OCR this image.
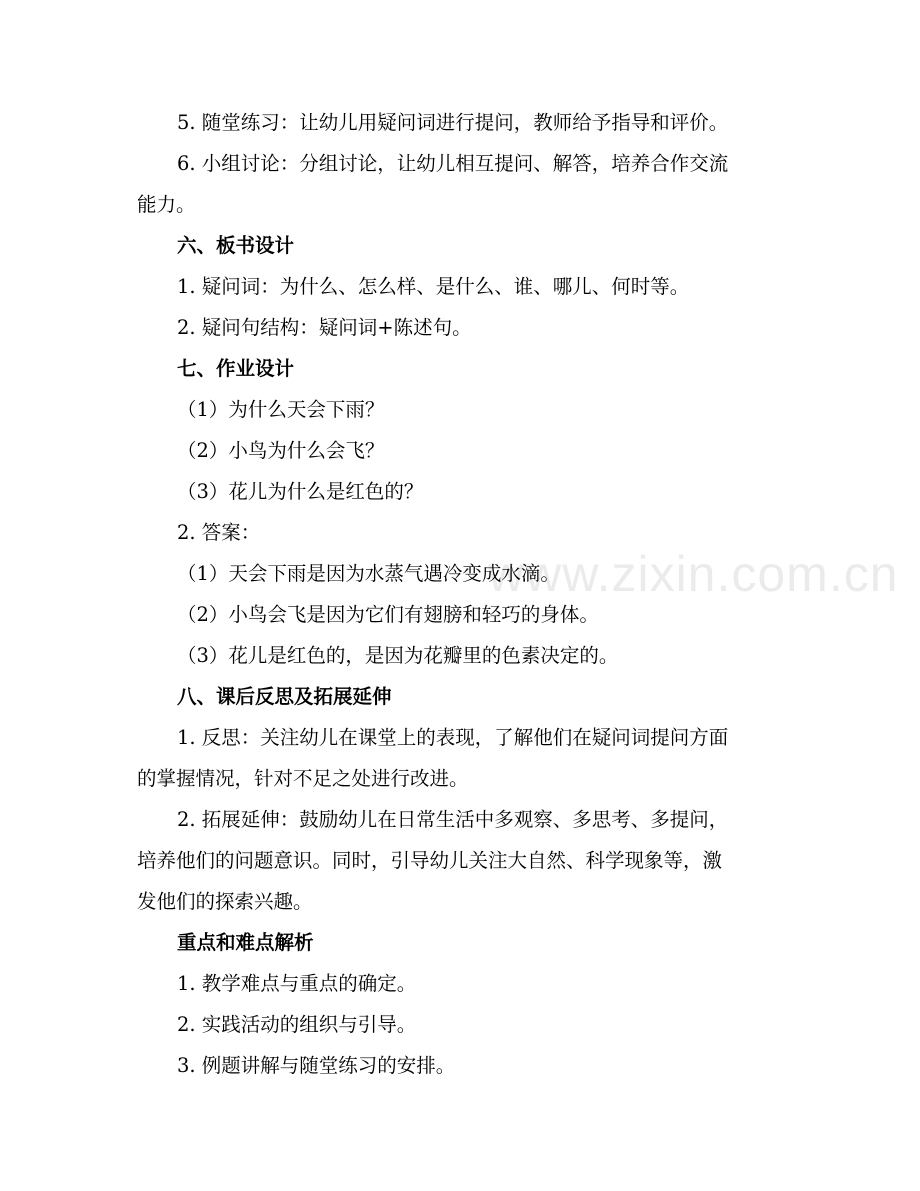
www.zixin.com.cn
5. 随堂练习：让幼儿用疑问词进行提问，教师给予指导和评价。
6. 小组讨论：分组讨论，让幼儿相互提问、解答，培养合作交流
能力。
六、板书设计
1. 疑问词：为什么、怎么样、是什么、谁、哪儿、何时等。
2. 疑问句结构：疑问词+陈述句。
七、作业设计
（1）为什么天会下雨？
（2）小鸟为什么会飞？
（3）花儿为什么是红色的？
2. 答案：
（1）天会下雨是因为水蒸气遇冷变成水滴。
（2）小鸟会飞是因为它们有翅膀和轻巧的身体。
（3）花儿是红色的，是因为花瓣里的色素决定的。
八、课后反思及拓展延伸
1. 反思：关注幼儿在课堂上的表现，了解他们在疑问词提问方面
的掌握情况，针对不足之处进行改进。
2. 拓展延伸：鼓励幼儿在日常生活中多观察、多思考、多提问，
培养他们的问题意识。同时，引导幼儿关注大自然、科学现象等，激
发他们的探索兴趣。
重点和难点解析
1. 教学难点与重点的确定。
2. 实践活动的组织与引导。
3. 例题讲解与随堂练习的安排。
